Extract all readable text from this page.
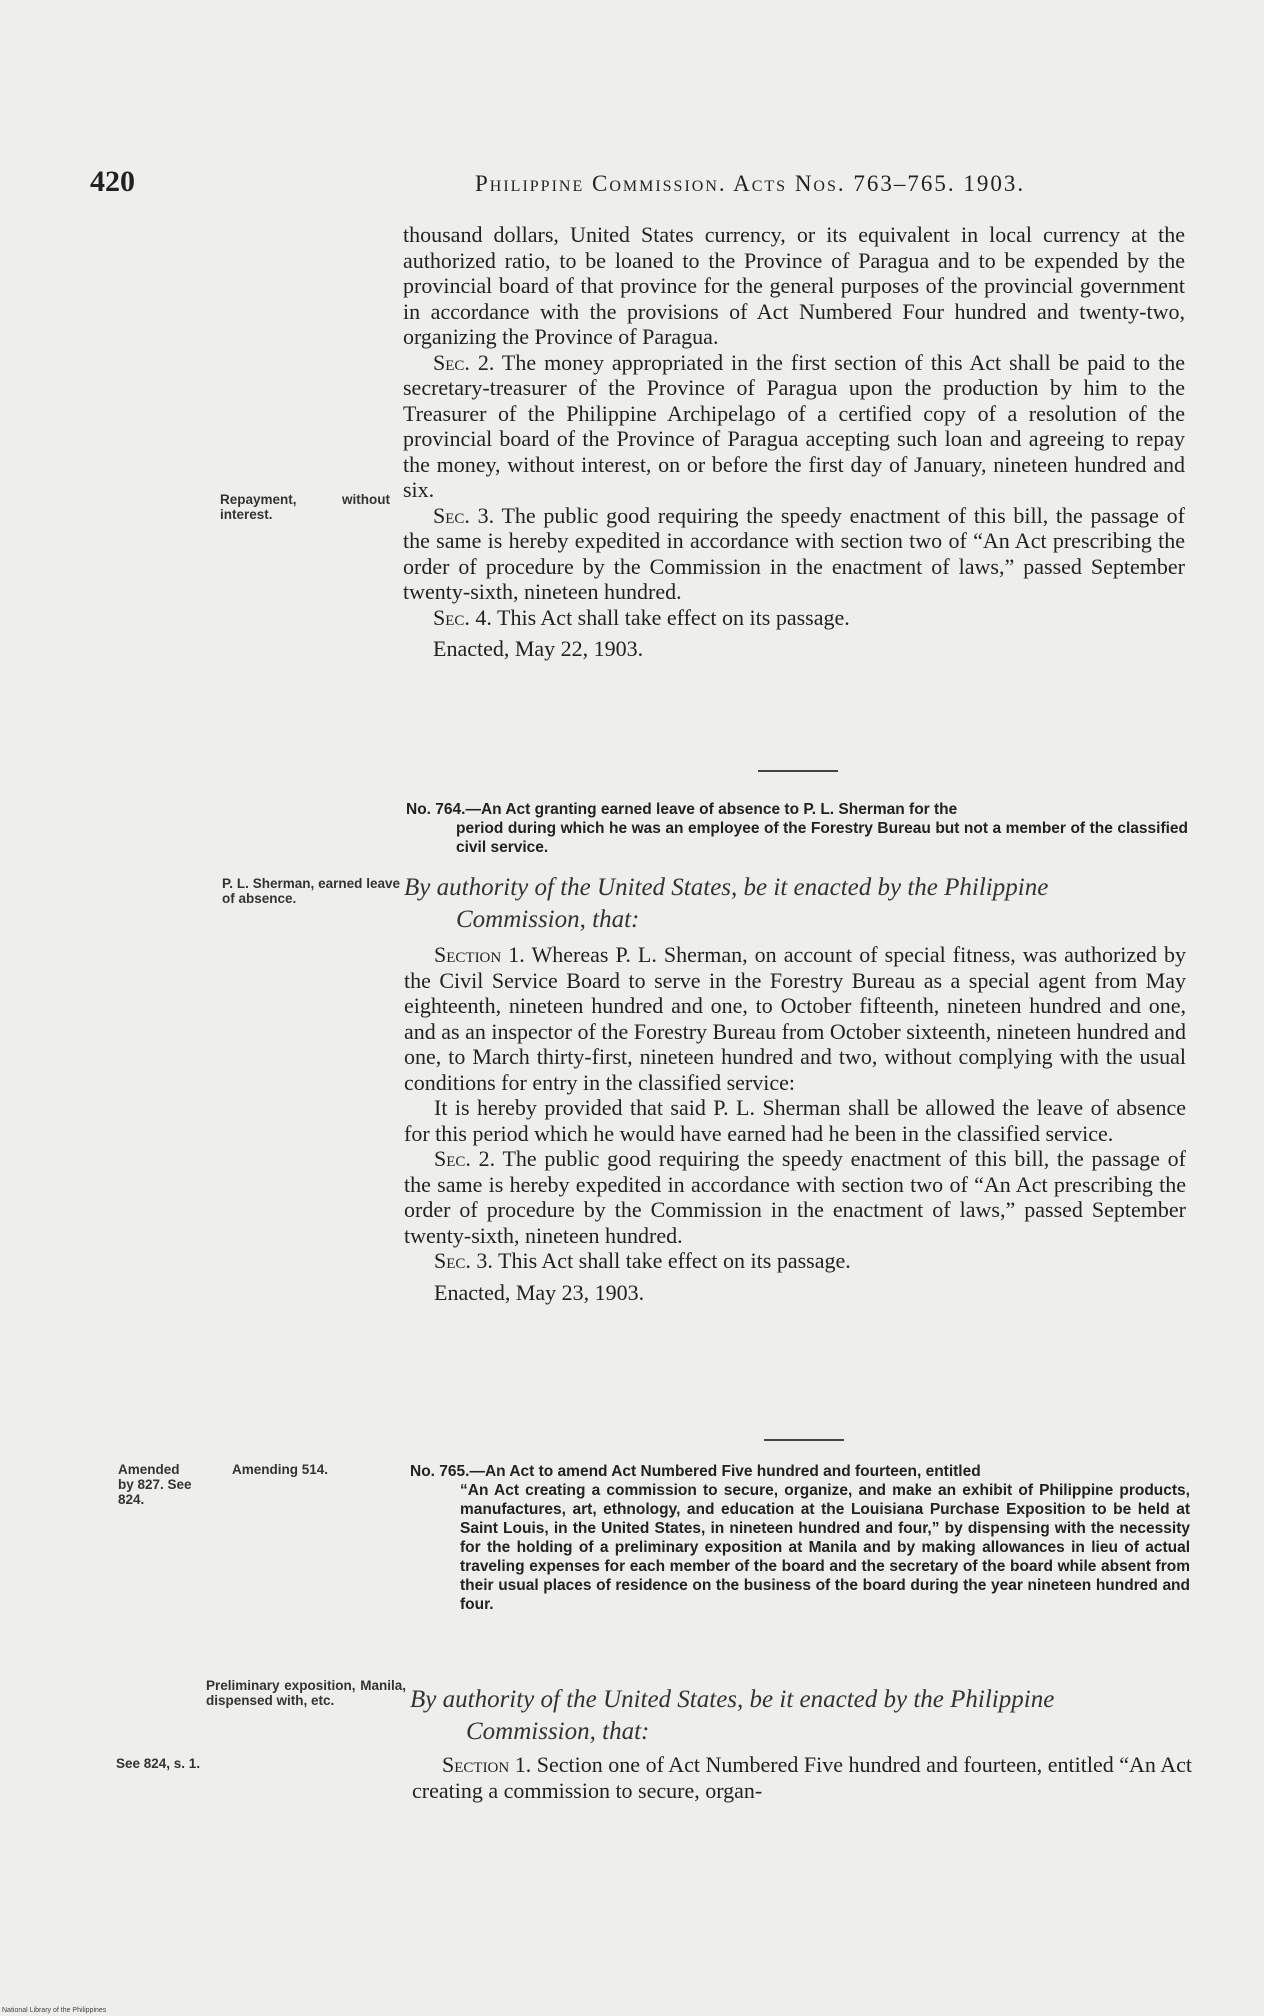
420	Philippine Commission. Acts Nos. 763–765. 1903.

thousand dollars, United States currency, or its equivalent in local currency at the authorized ratio, to be loaned to the Province of Paragua and to be expended by the provincial board of that province for the general purposes of the provincial government in accordance with the provisions of Act Numbered Four hundred and twenty-two, organizing the Province of Paragua.

Sec. 2. The money appropriated in the first section of this Act shall be paid to the secretary-treasurer of the Province of Paragua upon the production by him to the Treasurer of the Philippine Archipelago of a certified copy of a resolution of the provincial board of the Province of Paragua accepting such loan and agreeing to repay the money, without interest, on or before the first day of January, nineteen hundred and six.

Sec. 3. The public good requiring the speedy enactment of this bill, the passage of the same is hereby expedited in accordance with section two of “An Act prescribing the order of procedure by the Commission in the enactment of laws,” passed September twenty-sixth, nineteen hundred.

Sec. 4. This Act shall take effect on its passage.

Enacted, May 22, 1903.

Repayment, without interest.
No. 764.—An Act granting earned leave of absence to P. L. Sherman for the
period during which he was an employee of the Forestry Bureau but not a member of the classified civil service.
P. L. Sherman, earned leave of absence.	By authority of the United States, be it enacted by the Philippine
Commission, that:

Section 1. Whereas P. L. Sherman, on account of special fitness, was authorized by the Civil Service Board to serve in the Forestry Bureau as a special agent from May eighteenth, nineteen hundred and one, to October fifteenth, nineteen hundred and one, and as an inspector of the Forestry Bureau from October sixteenth, nineteen hundred and one, to March thirty-first, nineteen hundred and two, without complying with the usual conditions for entry in the classified service:

It is hereby provided that said P. L. Sherman shall be allowed the leave of absence for this period which he would have earned had he been in the classified service.

Sec. 2. The public good requiring the speedy enactment of this bill, the passage of the same is hereby expedited in accordance with section two of “An Act prescribing the order of procedure by the Commission in the enactment of laws,” passed September twenty-sixth, nineteen hundred.

Sec. 3. This Act shall take effect on its passage.

Enacted, May 23, 1903.

Amended by 827. See 824.
Amending 514.	No. 765.—An Act to amend Act Numbered Five hundred and fourteen, entitled
“An Act creating a commission to secure, organize, and make an exhibit of Philippine products, manufactures, art, ethnology, and education at the Louisiana Purchase Exposition to be held at Saint Louis, in the United States, in nineteen hundred and four,” by dispensing with the necessity for the holding of a preliminary exposition at Manila and by making allowances in lieu of actual traveling expenses for each member of the board and the secretary of the board while absent from their usual places of residence on the business of the board during the year nineteen hundred and four.
Preliminary exposition, Manila, dispensed with, etc.	By authority of the United States, be it enacted by the Philippine
Commission, that:
See 824, s. 1.	Section 1. Section one of Act Numbered Five hundred and fourteen, entitled “An Act creating a commission to secure, organ-

National Library of the Philippines
